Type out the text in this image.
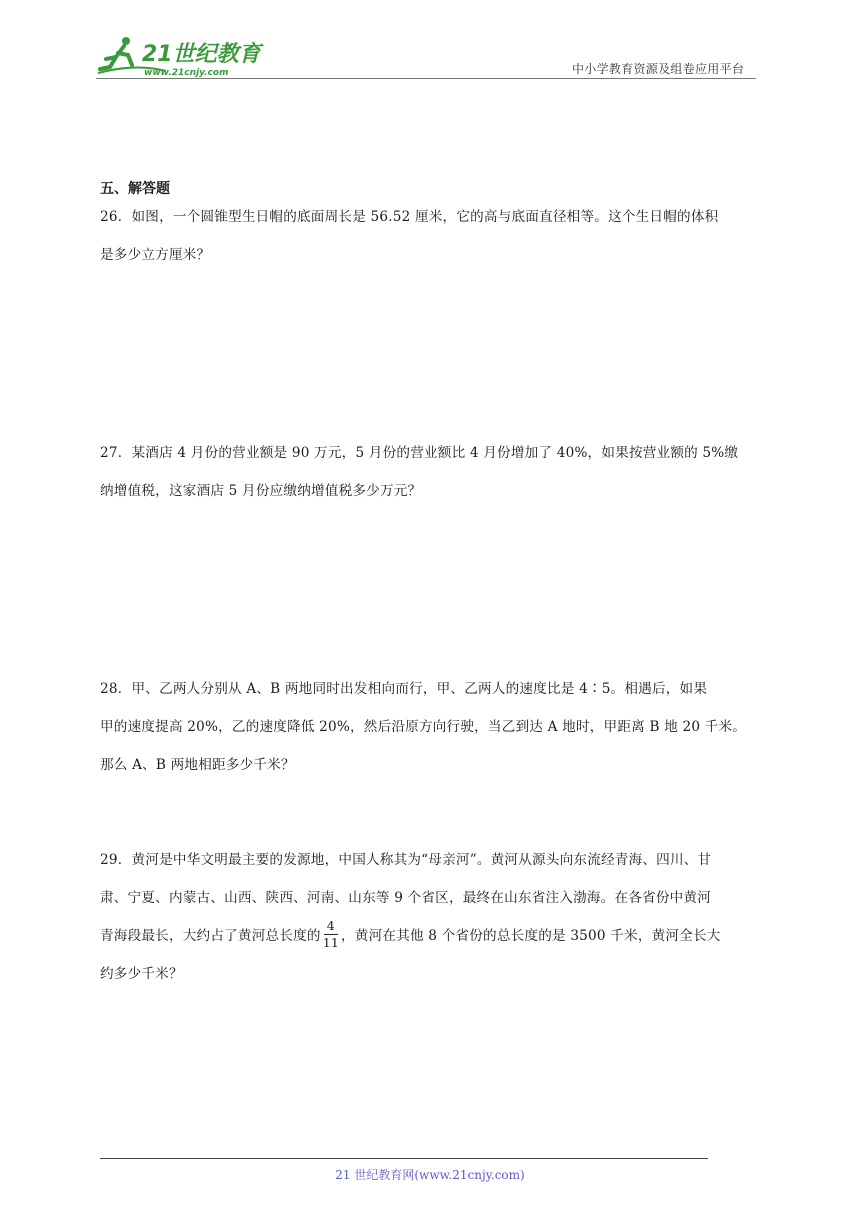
21世纪教育
www.21cnjy.com	中小学教育资源及组卷应用平台
五、解答题

26．如图，一个圆锥型生日帽的底面周长是 56.52 厘米，它的高与底面直径相等。这个生日帽的体积

是多少立方厘米？

27．某酒店 4 月份的营业额是 90 万元，5 月份的营业额比 4 月份增加了 40%，如果按营业额的 5%缴

纳增值税，这家酒店 5 月份应缴纳增值税多少万元？

28．甲、乙两人分别从 A、B 两地同时出发相向而行，甲、乙两人的速度比是 4∶5。相遇后，如果

甲的速度提高 20%，乙的速度降低 20%，然后沿原方向行驶，当乙到达 A 地时，甲距离 B 地 20 千米。

那么 A、B 两地相距多少千米？

29．黄河是中华文明最主要的发源地，中国人称其为“母亲河”。黄河从源头向东流经青海、四川、甘

肃、宁夏、内蒙古、山西、陕西、河南、山东等 9 个省区，最终在山东省注入渤海。在各省份中黄河

青海段最长，大约占了黄河总长度的 $\frac{4}{11}$ ，黄河在其他 8 个省份的总长度的是 3500 千米，黄河全长大

约多少千米？

21 世纪教育网(www.21cnjy.com)
